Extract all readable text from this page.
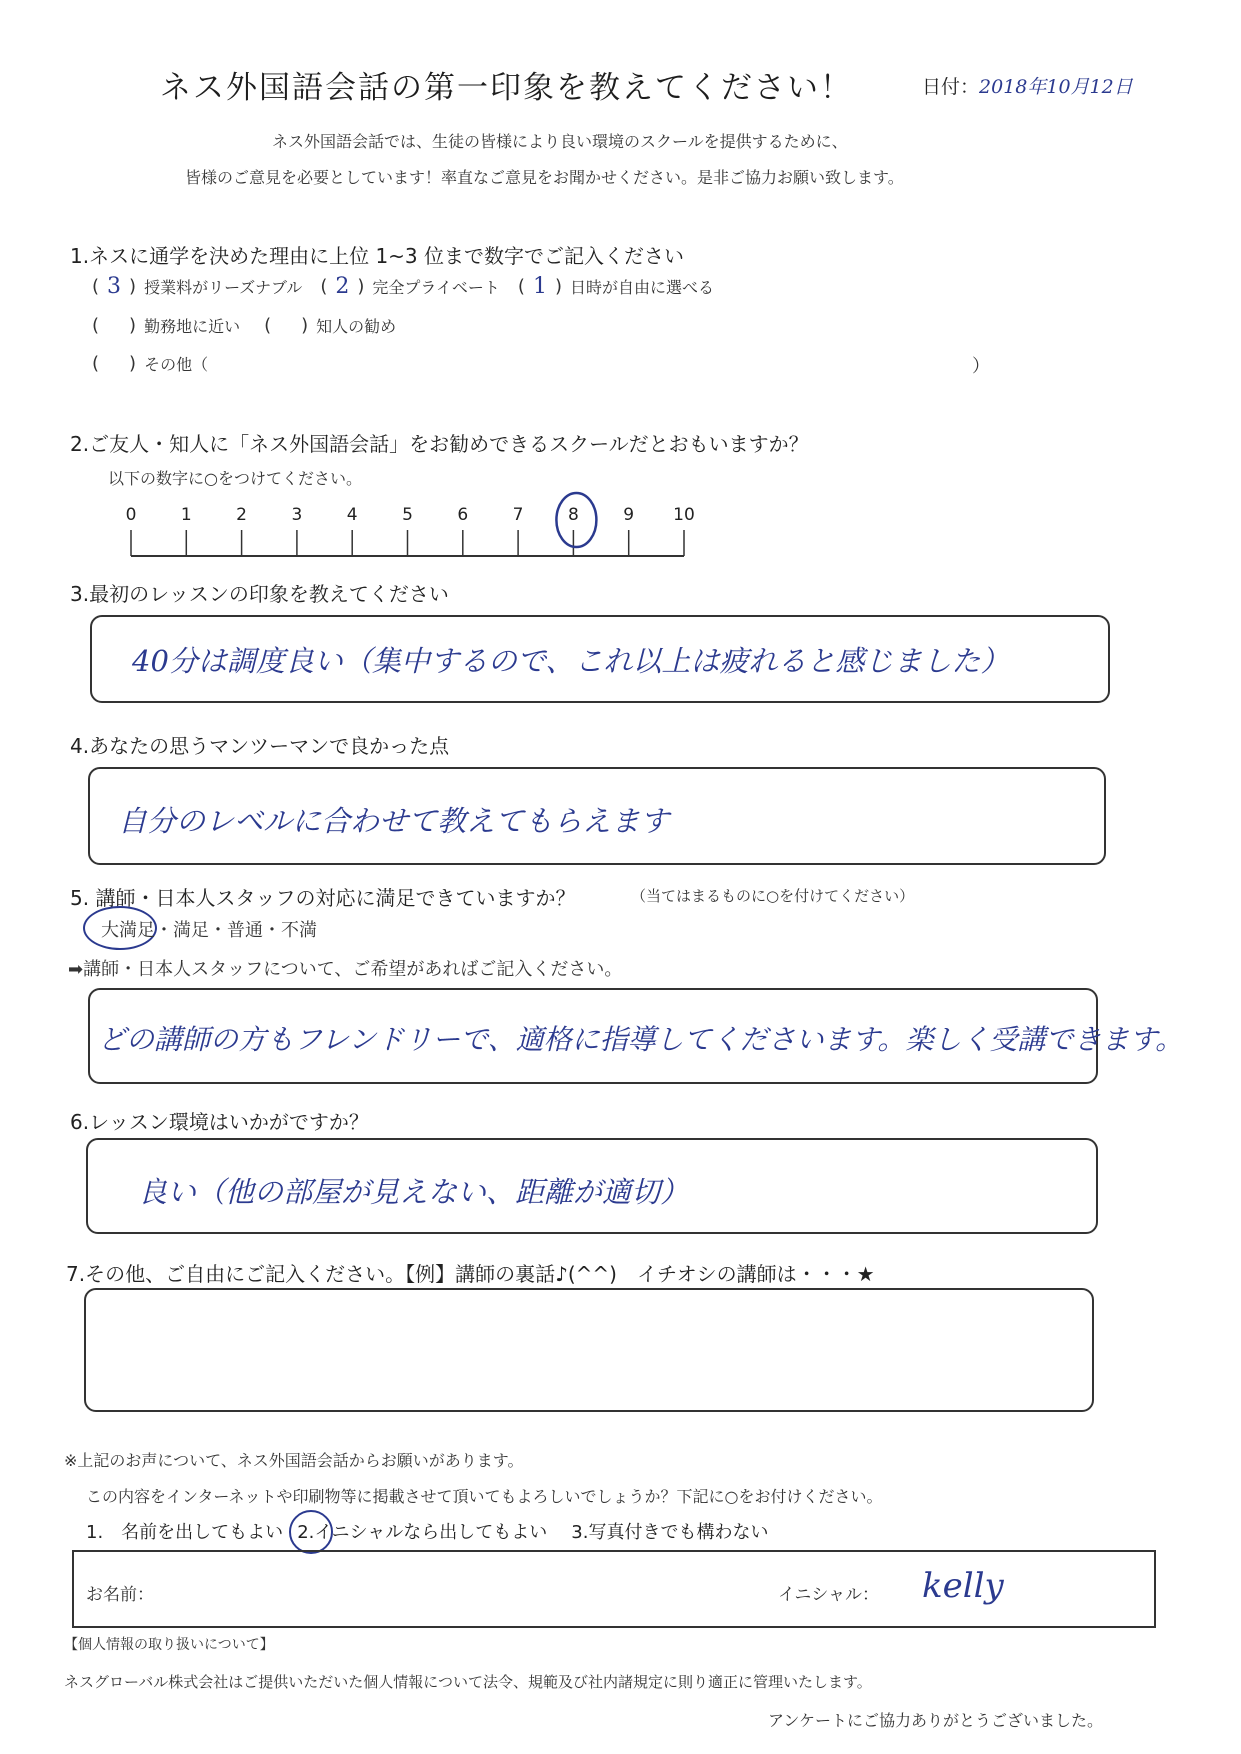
ネス外国語会話の第一印象を教えてください！	日付：2018年10月12日
ネス外国語会話では、生徒の皆様により良い環境のスクールを提供するために、
皆様のご意見を必要としています！率直なご意見をお聞かせください。是非ご協力お願い致します。
1.ネスに通学を決めた理由に上位 1~3 位まで数字でご記入ください
( 3 ) 授業料がリーズナブル ( 2 ) 完全プライベート ( 1 ) 日時が自由に選べる
( ) 勤務地に近い ( ) 知人の勧め
( ) その他（	）
2.ご友人・知人に「ネス外国語会話」をお勧めできるスクールだとおもいますか？
以下の数字に○をつけてください。
0	1	2	3	4	5	6	7	8	9	10
3.最初のレッスンの印象を教えてください
40分は調度良い（集中するので、これ以上は疲れると感じました）
4.あなたの思うマンツーマンで良かった点
自分のレベルに合わせて教えてもらえます
5. 講師・日本人スタッフの対応に満足できていますか？	（当てはまるものに○を付けてください）
大満足・満足・普通・不満
➡講師・日本人スタッフについて、ご希望があればご記入ください。
どの講師の方もフレンドリーで、適格に指導してくださいます。楽しく受講できます。
6.レッスン環境はいかがですか？
良い（他の部屋が見えない、距離が適切）
7.その他、ご自由にご記入ください。【例】講師の裏話♪(^^)　イチオシの講師は・・・★
※上記のお声について、ネス外国語会話からお願いがあります。
この内容をインターネットや印刷物等に掲載させて頂いてもよろしいでしょうか？下記に○をお付けください。
1.　名前を出してもよい 2.イニシャルなら出してもよい 3.写真付きでも構わない
お名前：	イニシャル： kelly
【個人情報の取り扱いについて】
ネスグローバル株式会社はご提供いただいた個人情報について法令、規範及び社内諸規定に則り適正に管理いたします。
アンケートにご協力ありがとうございました。
